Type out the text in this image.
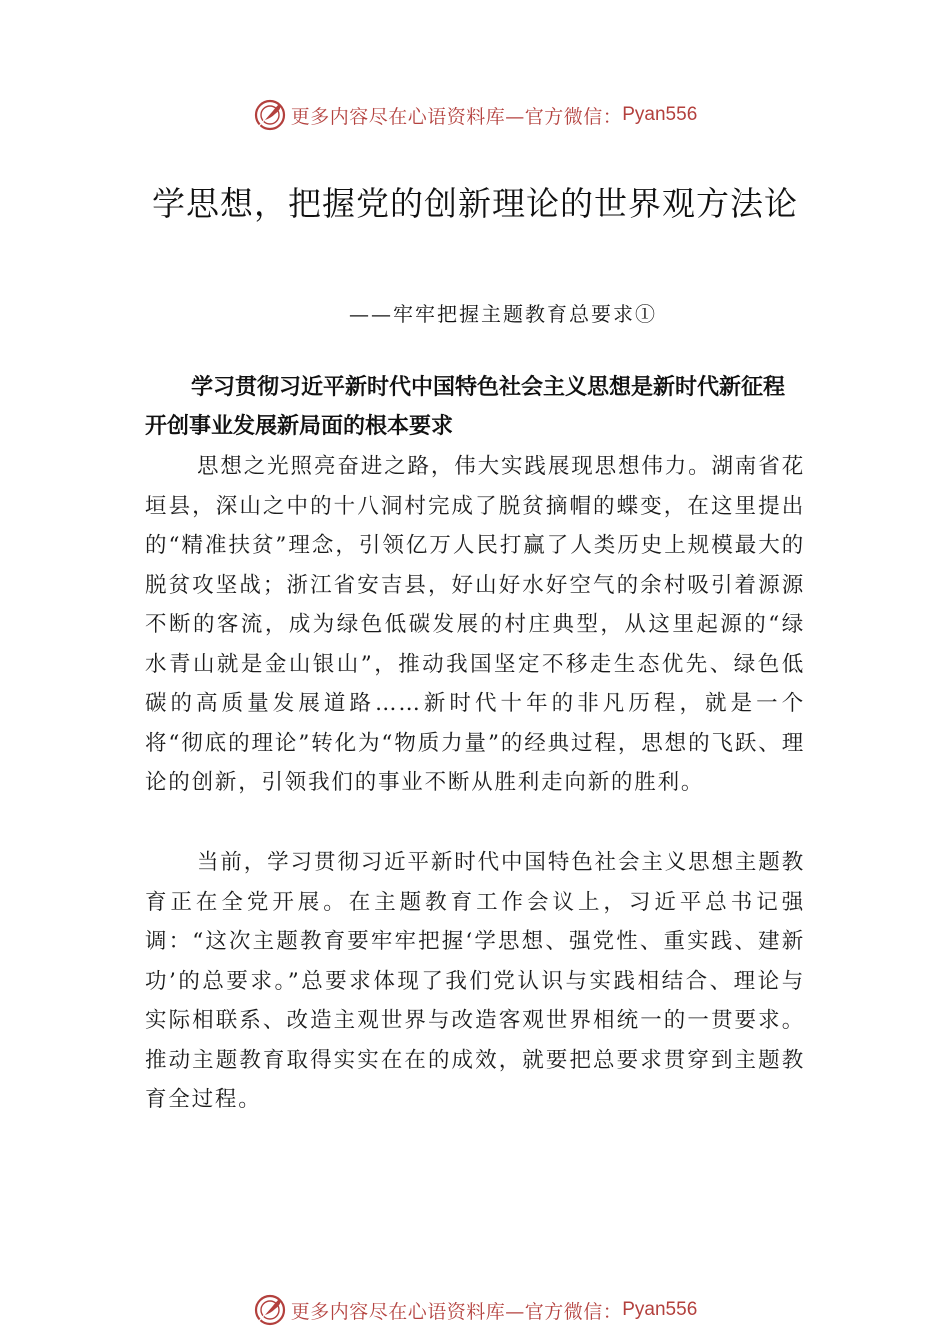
更多内容尽在心语资料库 —官方微信： Pyan556
学思想，把握党的创新理论的世界观方法论
——牢牢把握主题教育总要求①
学习贯彻习近平新时代中国特色社会主义思想是新时代新征程开创事业发展新局面的根本要求
思想之光照亮奋进之路，伟大实践展现思想伟力。湖南省花垣县，深山之中的十八洞村完成了脱贫摘帽的蝶变，在这里提出的“精准扶贫”理念，引领亿万人民打赢了人类历史上规模最大的脱贫攻坚战；浙江省安吉县，好山好水好空气的余村吸引着源源不断的客流，成为绿色低碳发展的村庄典型，从这里起源的“绿水青山就是金山银山”，推动我国坚定不移走生态优先、绿色低碳的高质量发展道路……新时代十年的非凡历程，就是一个将“彻底的理论”转化为“物质力量”的经典过程，思想的飞跃、理论的创新，引领我们的事业不断从胜利走向新的胜利。
当前，学习贯彻习近平新时代中国特色社会主义思想主题教育正在全党开展。在主题教育工作会议上，习近平总书记强调：“这次主题教育要牢牢把握‘学思想、强党性、重实践、建新功’的总要求。”总要求体现了我们党认识与实践相结合、理论与实际相联系、改造主观世界与改造客观世界相统一的一贯要求。推动主题教育取得实实在在的成效，就要把总要求贯穿到主题教育全过程。
更多内容尽在心语资料库 —官方微信： Pyan556
